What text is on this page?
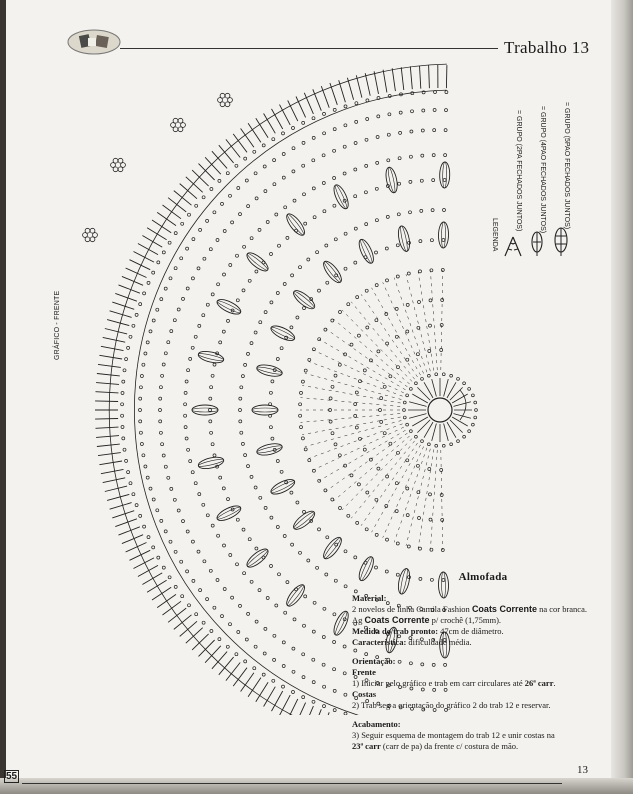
Trabalho 13
GRÁFICO - FRENTE
LEGENDA
= GRUPO (2PA FECHADOS JUNTOS) = GRUPO (4PAO FECHADOS JUNTOS) = GRUPO (5PAO FECHADOS JUNTOS)
Almofada

Material:
2 novelos de linha Camila Fashion Coats Corrente na cor branca.
Ag Coats Corrente p/ crochê (1,75mm).
Medida do trab pronto: 47cm de diâmetro.
Característica: dificuldade média.

Orientação:
Frente
1) Iniciar pelo gráfico e trab em carr circulares até 26ª carr.
Costas
2) Trab seg a orientação do gráfico 2 do trab 12 e reservar.

Acabamento:
3) Seguir esquema de montagem do trab 12 e unir costas na
23ª carr (carr de pa) da frente c/ costura de mão.

55
13
